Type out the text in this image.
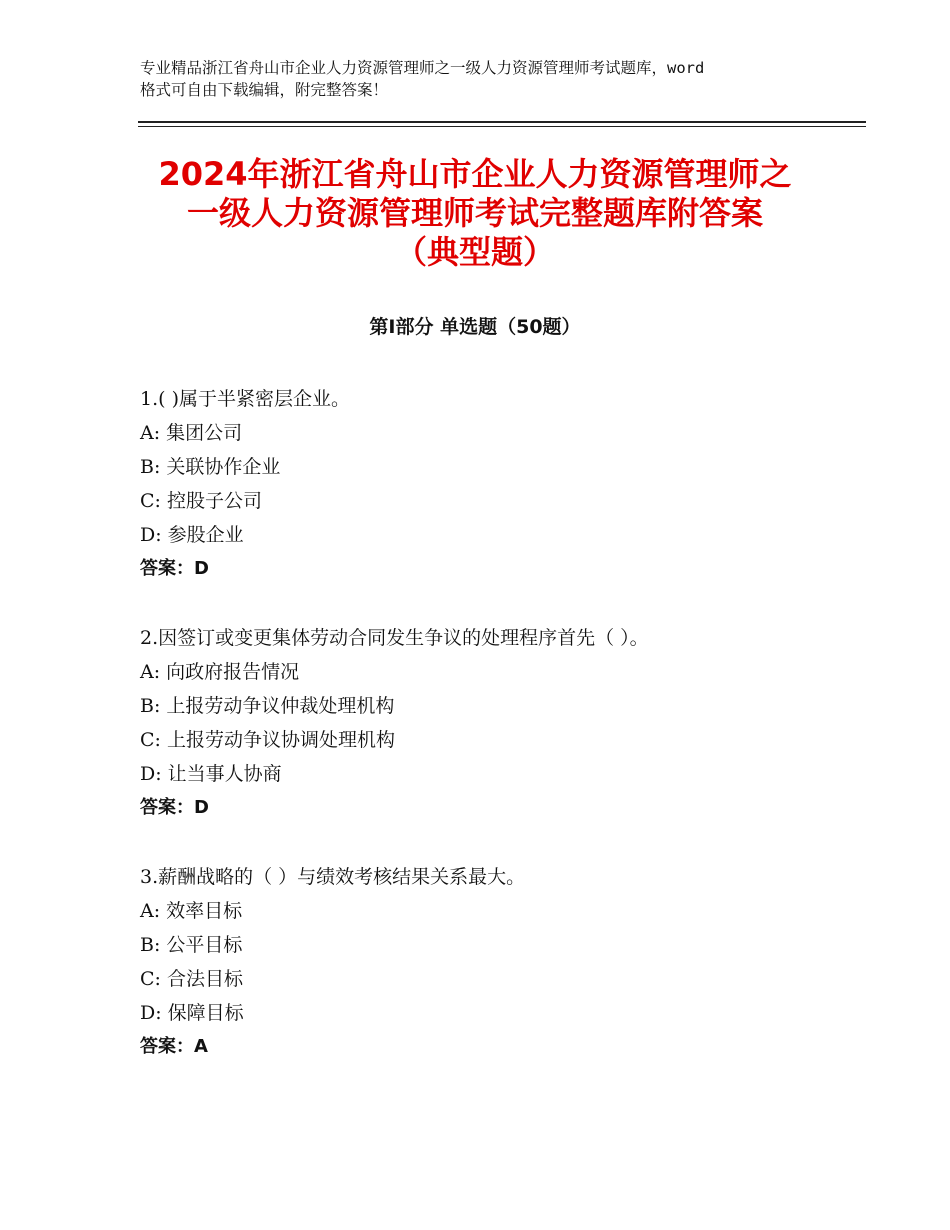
专业精品浙江省舟山市企业人力资源管理师之一级人力资源管理师考试题库，word
格式可自由下载编辑，附完整答案！
2024年浙江省舟山市企业人力资源管理师之
一级人力资源管理师考试完整题库附答案
（典型题）
第Ⅰ部分 单选题（50题）
1.( )属于半紧密层企业。
A: 集团公司
B: 关联协作企业
C: 控股子公司
D: 参股企业
答案：D
2.因签订或变更集体劳动合同发生争议的处理程序首先（ ）。
A: 向政府报告情况
B: 上报劳动争议仲裁处理机构
C: 上报劳动争议协调处理机构
D: 让当事人协商
答案：D
3.薪酬战略的（ ）与绩效考核结果关系最大。
A: 效率目标
B: 公平目标
C: 合法目标
D: 保障目标
答案：A
